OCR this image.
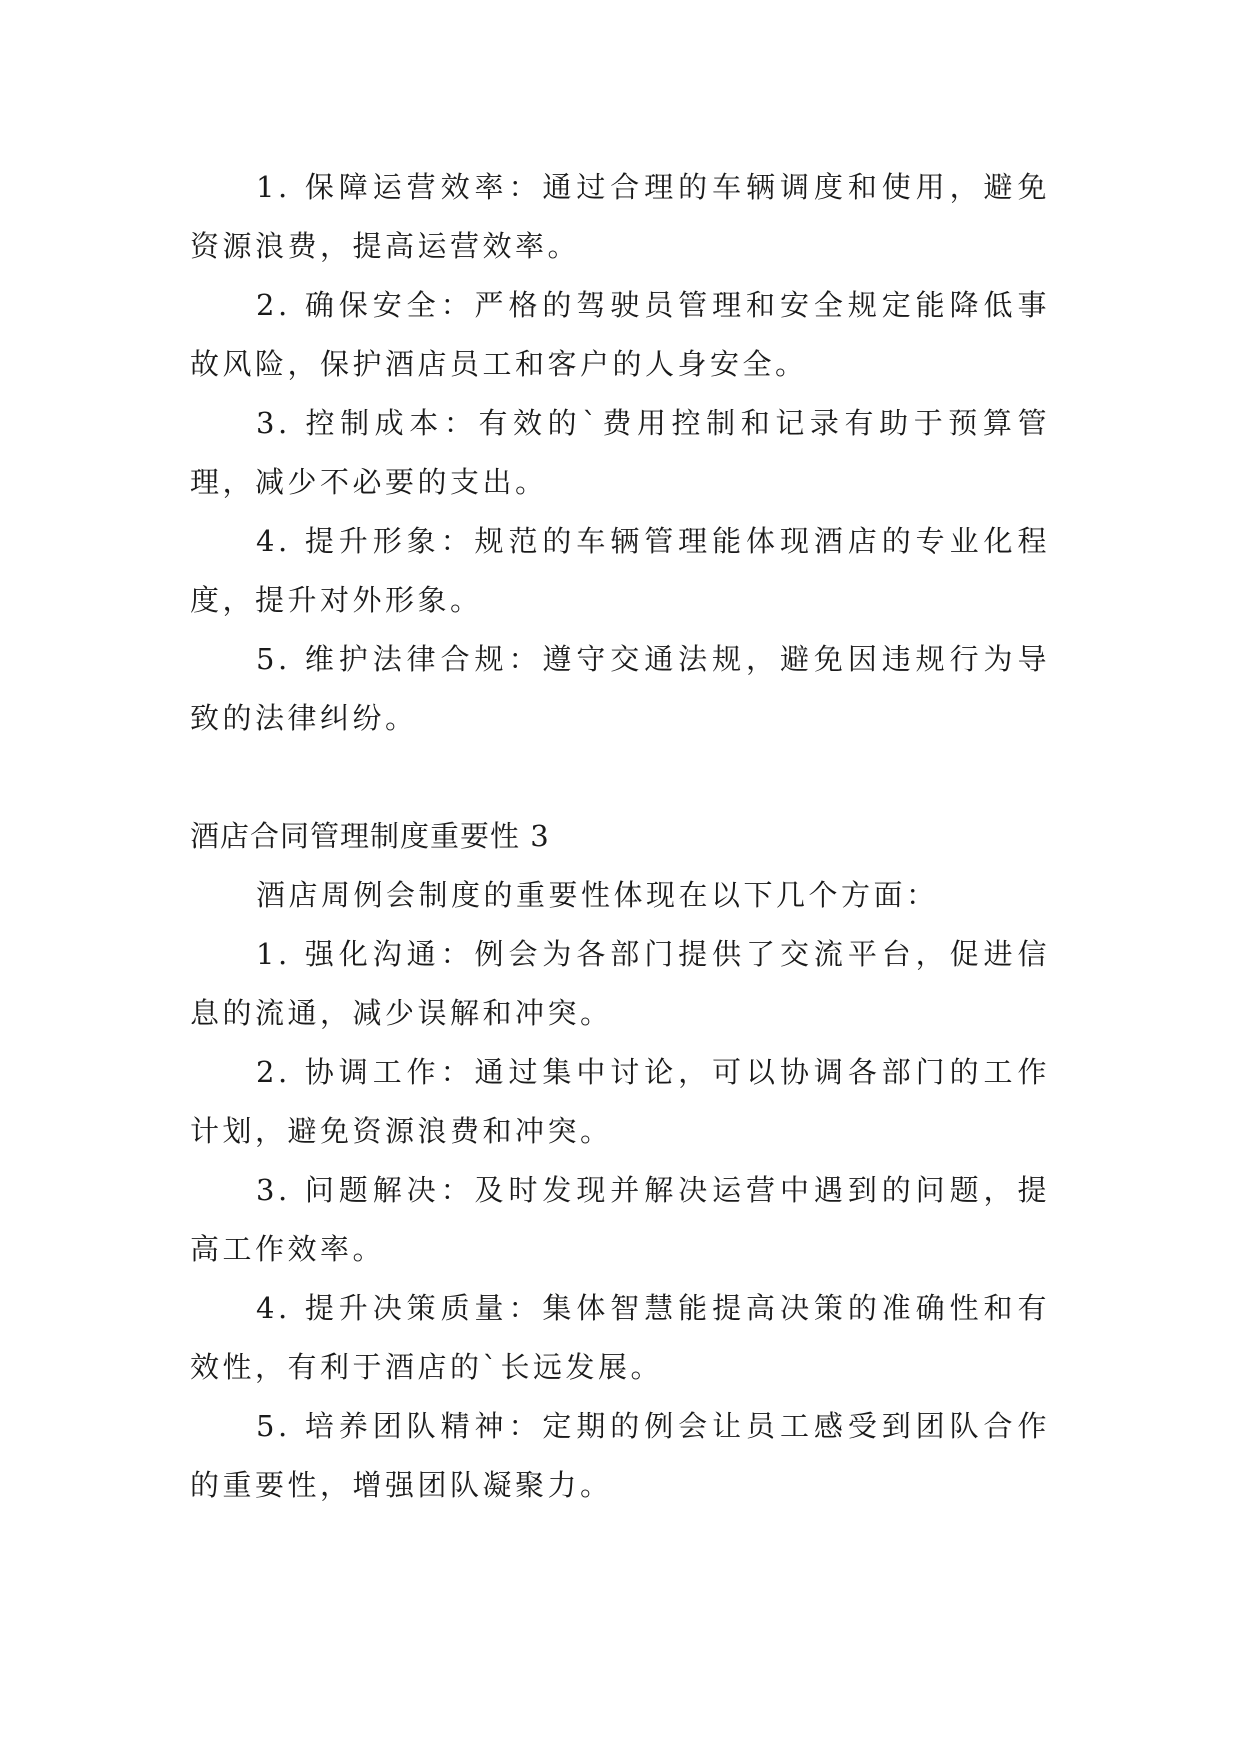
1. 保障运营效率：通过合理的车辆调度和使用，避免资源浪费，提高运营效率。

2. 确保安全：严格的驾驶员管理和安全规定能降低事故风险，保护酒店员工和客户的人身安全。

3. 控制成本：有效的`费用控制和记录有助于预算管理，减少不必要的支出。

4. 提升形象：规范的车辆管理能体现酒店的专业化程度，提升对外形象。

5. 维护法律合规：遵守交通法规，避免因违规行为导致的法律纠纷。

酒店合同管理制度重要性 3

酒店周例会制度的重要性体现在以下几个方面：

1. 强化沟通：例会为各部门提供了交流平台，促进信息的流通，减少误解和冲突。

2. 协调工作：通过集中讨论，可以协调各部门的工作计划，避免资源浪费和冲突。

3. 问题解决：及时发现并解决运营中遇到的问题，提高工作效率。

4. 提升决策质量：集体智慧能提高决策的准确性和有效性，有利于酒店的`长远发展。

5. 培养团队精神：定期的例会让员工感受到团队合作的重要性，增强团队凝聚力。
